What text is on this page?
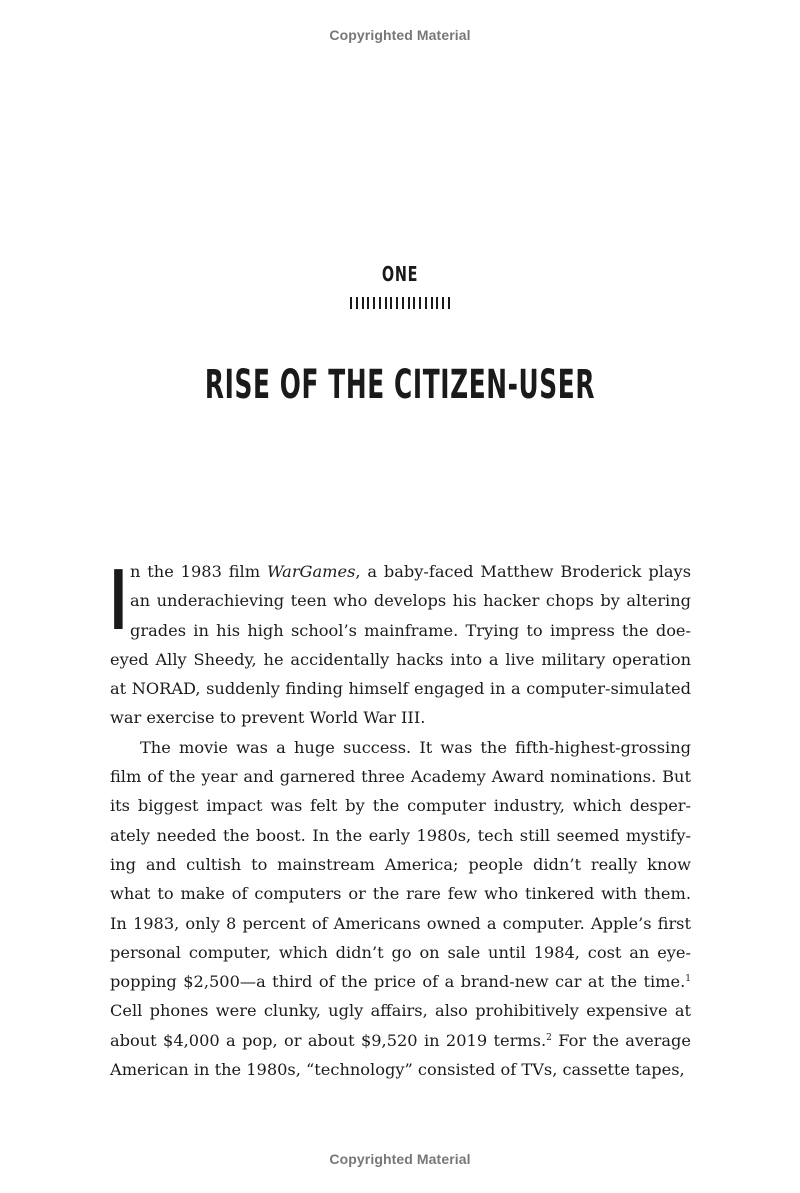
Copyrighted Material
ONE
RISE OF THE CITIZEN-USER

In the 1983 film WarGames, a baby-faced Matthew Broderick plays an underachieving teen who develops his hacker chops by altering grades in his high school’s mainframe. Trying to impress the doe-eyed Ally Sheedy, he accidentally hacks into a live military operation at NORAD, suddenly finding himself engaged in a computer-simulated war exercise to prevent World War III.

The movie was a huge success. It was the fifth-highest-grossing film of the year and garnered three Academy Award nominations. But its biggest impact was felt by the computer industry, which desperately needed the boost. In the early 1980s, tech still seemed mystifying and cultish to mainstream America; people didn’t really know what to make of computers or the rare few who tinkered with them. In 1983, only 8 percent of Americans owned a computer. Apple’s first personal computer, which didn’t go on sale until 1984, cost an eye-popping $2,500—a third of the price of a brand-new car at the time.$^1$ Cell phones were clunky, ugly affairs, also prohibitively expensive at about $4,000 a pop, or about $9,520 in 2019 terms.$^2$ For the average American in the 1980s, “technology” consisted of TVs, cassette tapes,

Copyrighted Material
